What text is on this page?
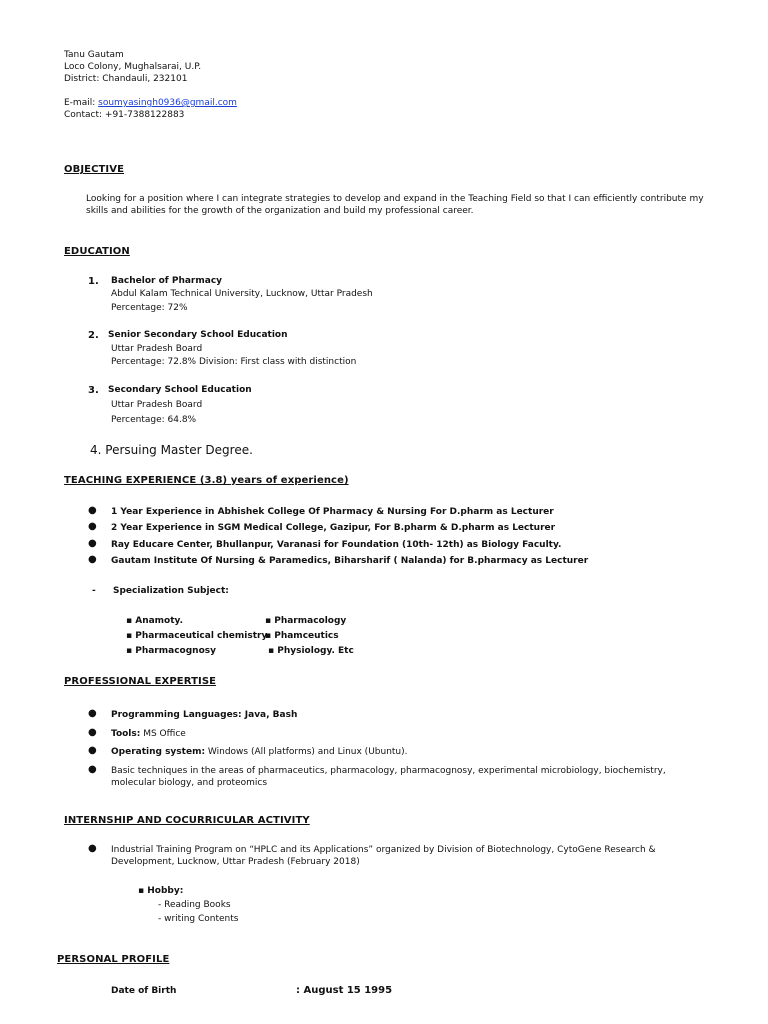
Tanu Gautam
Loco Colony, Mughalsarai, U.P.
District: Chandauli, 232101
E-mail: soumyasingh0936@gmail.com
Contact: +91-7388122883
OBJECTIVE
Looking for a position where I can integrate strategies to develop and expand in the Teaching Field so that I can efficiently contribute my skills and abilities for the growth of the organization and build my professional career.
EDUCATION
1. Bachelor of Pharmacy
Abdul Kalam Technical University, Lucknow, Uttar Pradesh
Percentage: 72%
2. Senior Secondary School Education
Uttar Pradesh Board
Percentage: 72.8% Division: First class with distinction
3. Secondary School Education
Uttar Pradesh Board
Percentage: 64.8%
4. Persuing Master Degree.
TEACHING EXPERIENCE (3.8) years of experience)
● 1 Year Experience in Abhishek College Of Pharmacy & Nursing For D.pharm as Lecturer
● 2 Year Experience in SGM Medical College, Gazipur, For B.pharm & D.pharm as Lecturer
● Ray Educare Center, Bhullanpur, Varanasi for Foundation (10th- 12th) as Biology Faculty.
● Gautam Institute Of Nursing & Paramedics, Biharsharif ( Nalanda) for B.pharmacy as Lecturer
- Specialization Subject:
▪ Anamoty.
▪ Pharmaceutical chemistry
▪ Pharmacognosy
▪ Pharmacology
▪ Phamceutics
▪ Physiology. Etc
PROFESSIONAL EXPERTISE
● Programming Languages: Java, Bash
● Tools: MS Office
● Operating system: Windows (All platforms) and Linux (Ubuntu).
● Basic techniques in the areas of pharmaceutics, pharmacology, pharmacognosy, experimental microbiology, biochemistry, molecular biology, and proteomics
INTERNSHIP AND COCURRICULAR ACTIVITY
● Industrial Training Program on “HPLC and its Applications” organized by Division of Biotechnology, CytoGene Research & Development, Lucknow, Uttar Pradesh (February 2018)
▪ Hobby:
- Reading Books
- writing Contents
PERSONAL PROFILE
Date of Birth	: August 15 1995
